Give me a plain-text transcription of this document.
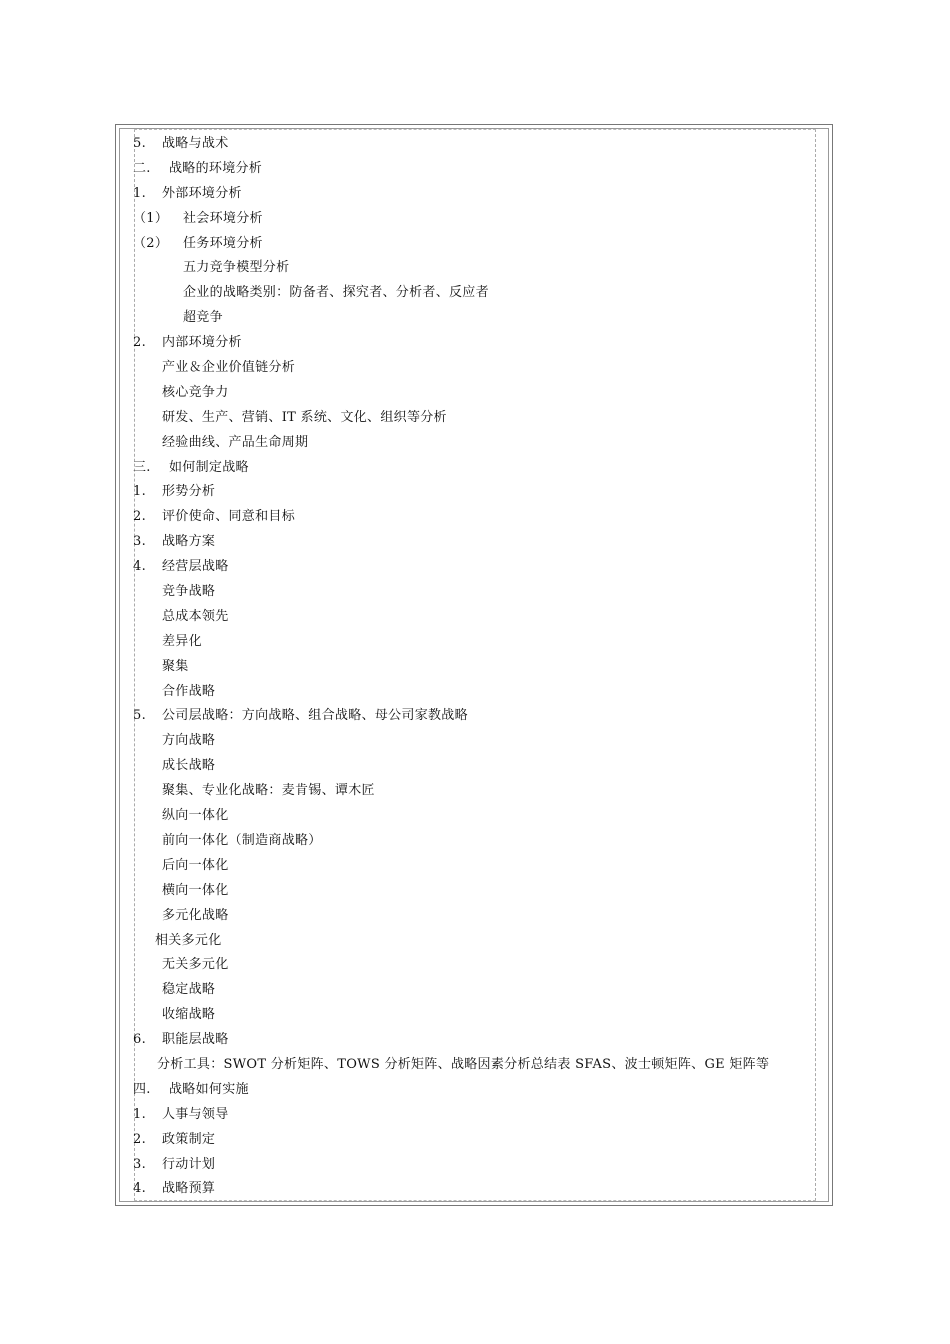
5. 战略与战术
二. 战略的环境分析
1. 外部环境分析
（1） 社会环境分析
（2） 任务环境分析
五力竞争模型分析
企业的战略类别：防备者、探究者、分析者、反应者
超竞争
2. 内部环境分析
产业＆企业价值链分析
核心竞争力
研发、生产、营销、IT 系统、文化、组织等分析
经验曲线、产品生命周期
三. 如何制定战略
1. 形势分析
2. 评价使命、同意和目标
3. 战略方案
4. 经营层战略
竞争战略
总成本领先
差异化
聚集
合作战略
5. 公司层战略：方向战略、组合战略、母公司家教战略
方向战略
成长战略
聚集、专业化战略：麦肯锡、谭木匠
纵向一体化
前向一体化（制造商战略）
后向一体化
横向一体化
多元化战略
相关多元化
无关多元化
稳定战略
收缩战略
6. 职能层战略
分析工具：SWOT 分析矩阵、TOWS 分析矩阵、战略因素分析总结表 SFAS、波士顿矩阵、GE 矩阵等
四. 战略如何实施
1. 人事与领导
2. 政策制定
3. 行动计划
4. 战略预算
